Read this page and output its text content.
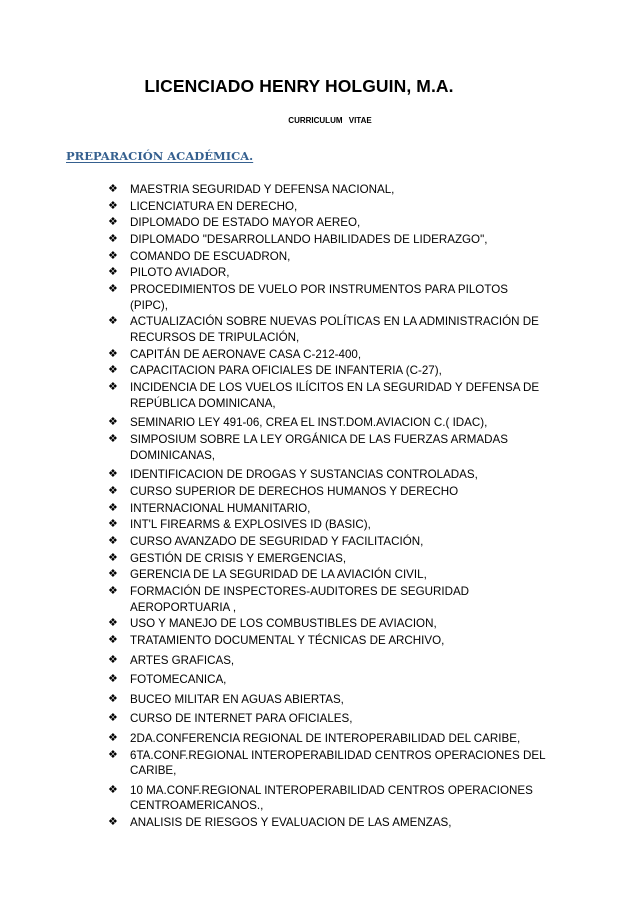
LICENCIADO HENRY HOLGUIN, M.A.
CURRICULUM VITAE
PREPARACIÓN ACADÉMICA.
❖	MAESTRIA SEGURIDAD Y DEFENSA NACIONAL,
❖	LICENCIATURA EN DERECHO,
❖	DIPLOMADO DE ESTADO MAYOR AEREO,
❖	DIPLOMADO "DESARROLLANDO HABILIDADES DE LIDERAZGO",
❖	COMANDO DE ESCUADRON,
❖	PILOTO AVIADOR,
❖	PROCEDIMIENTOS DE VUELO POR INSTRUMENTOS PARA PILOTOS (PIPC),
❖	ACTUALIZACIÓN SOBRE NUEVAS POLÍTICAS EN LA ADMINISTRACIÓN DE RECURSOS DE TRIPULACIÓN,
❖	CAPITÁN DE AERONAVE CASA C-212-400,
❖	CAPACITACION PARA OFICIALES DE INFANTERIA (C-27),
❖	INCIDENCIA DE LOS VUELOS ILÍCITOS EN LA SEGURIDAD Y DEFENSA DE REPÚBLICA DOMINICANA,
❖	SEMINARIO LEY 491-06, CREA EL INST.DOM.AVIACION C.( IDAC),
❖	SIMPOSIUM SOBRE LA LEY ORGÁNICA DE LAS FUERZAS ARMADAS DOMINICANAS,
❖	IDENTIFICACION DE DROGAS Y SUSTANCIAS CONTROLADAS,
❖	CURSO SUPERIOR DE DERECHOS HUMANOS Y DERECHO
❖	INTERNACIONAL HUMANITARIO,
❖	INT'L FIREARMS & EXPLOSIVES ID (BASIC),
❖	CURSO AVANZADO DE SEGURIDAD Y FACILITACIÓN,
❖	GESTIÓN DE CRISIS Y EMERGENCIAS,
❖	GERENCIA DE LA SEGURIDAD DE LA AVIACIÓN CIVIL,
❖	FORMACIÓN DE INSPECTORES-AUDITORES DE SEGURIDAD AEROPORTUARIA ,
❖	USO Y MANEJO DE LOS COMBUSTIBLES DE AVIACION,
❖	TRATAMIENTO DOCUMENTAL Y TÉCNICAS DE ARCHIVO,
❖	ARTES GRAFICAS,
❖	FOTOMECANICA,
❖	BUCEO MILITAR EN AGUAS ABIERTAS,
❖	CURSO DE INTERNET PARA OFICIALES,
❖	2DA.CONFERENCIA REGIONAL DE INTEROPERABILIDAD DEL CARIBE,
❖	6TA.CONF.REGIONAL INTEROPERABILIDAD CENTROS OPERACIONES DEL CARIBE,
❖	10 MA.CONF.REGIONAL INTEROPERABILIDAD CENTROS OPERACIONES CENTROAMERICANOS.,
❖	ANALISIS DE RIESGOS Y EVALUACION DE LAS AMENZAS,
